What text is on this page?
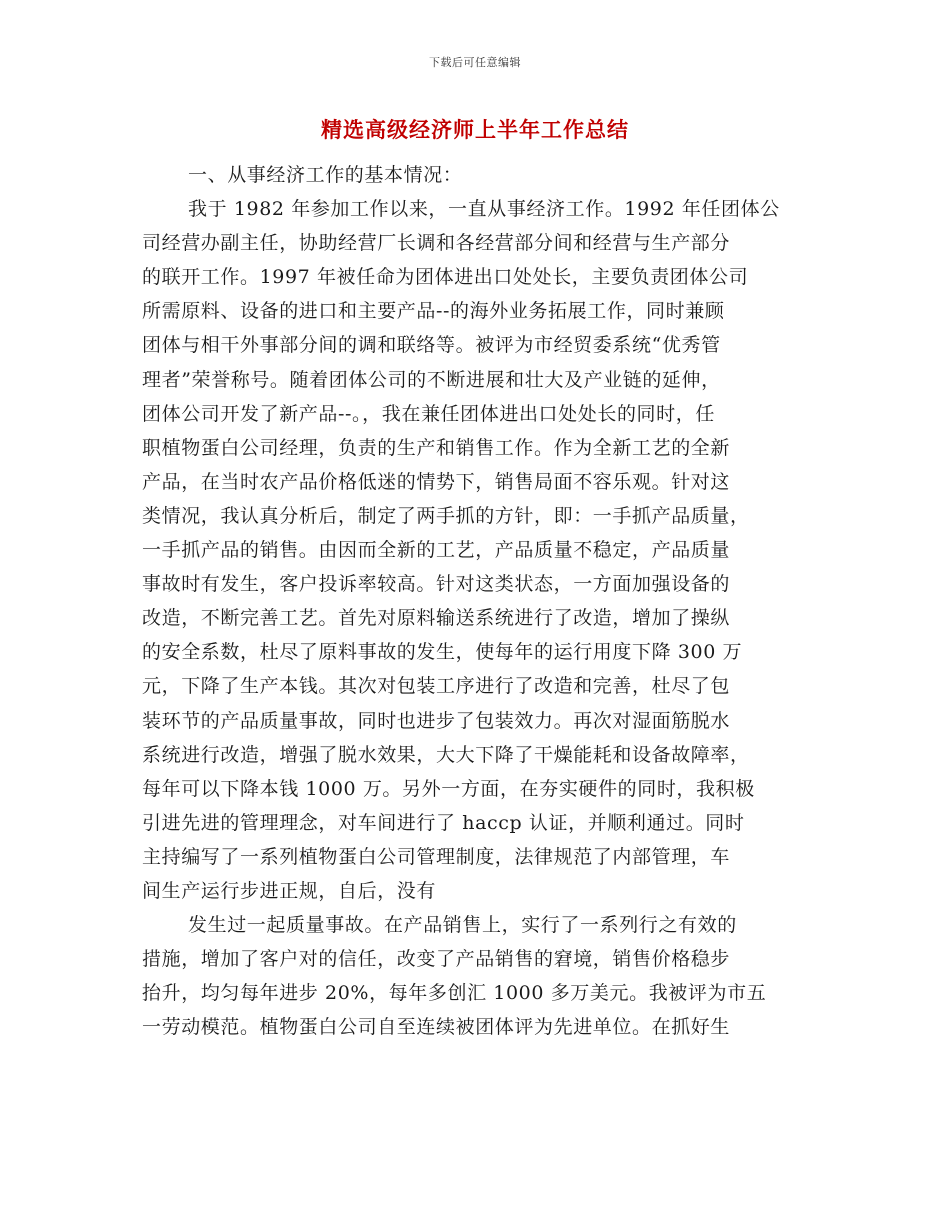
下载后可任意编辑
精选高级经济师上半年工作总结
一、从事经济工作的基本情况：
我于 1982 年参加工作以来，一直从事经济工作。1992 年任团体公
司经营办副主任，协助经营厂长调和各经营部分间和经营与生产部分
的联开工作。1997 年被任命为团体进出口处处长，主要负责团体公司
所需原料、设备的进口和主要产品--的海外业务拓展工作，同时兼顾
团体与相干外事部分间的调和联络等。被评为市经贸委系统“优秀管
理者”荣誉称号。随着团体公司的不断进展和壮大及产业链的延伸，
团体公司开发了新产品--。，我在兼任团体进出口处处长的同时，任
职植物蛋白公司经理，负责的生产和销售工作。作为全新工艺的全新
产品，在当时农产品价格低迷的情势下，销售局面不容乐观。针对这
类情况，我认真分析后，制定了两手抓的方针，即：一手抓产品质量，
一手抓产品的销售。由因而全新的工艺，产品质量不稳定，产品质量
事故时有发生，客户投诉率较高。针对这类状态，一方面加强设备的
改造，不断完善工艺。首先对原料输送系统进行了改造，增加了操纵
的安全系数，杜尽了原料事故的发生，使每年的运行用度下降 300 万
元，下降了生产本钱。其次对包装工序进行了改造和完善，杜尽了包
装环节的产品质量事故，同时也进步了包装效力。再次对湿面筋脱水
系统进行改造，增强了脱水效果，大大下降了干燥能耗和设备故障率，
每年可以下降本钱 1000 万。另外一方面，在夯实硬件的同时，我积极
引进先进的管理理念，对车间进行了 haccp 认证，并顺利通过。同时
主持编写了一系列植物蛋白公司管理制度，法律规范了内部管理，车
间生产运行步进正规，自后，没有
发生过一起质量事故。在产品销售上，实行了一系列行之有效的
措施，增加了客户对的信任，改变了产品销售的窘境，销售价格稳步
抬升，均匀每年进步 20%，每年多创汇 1000 多万美元。我被评为市五
一劳动模范。植物蛋白公司自至连续被团体评为先进单位。在抓好生
